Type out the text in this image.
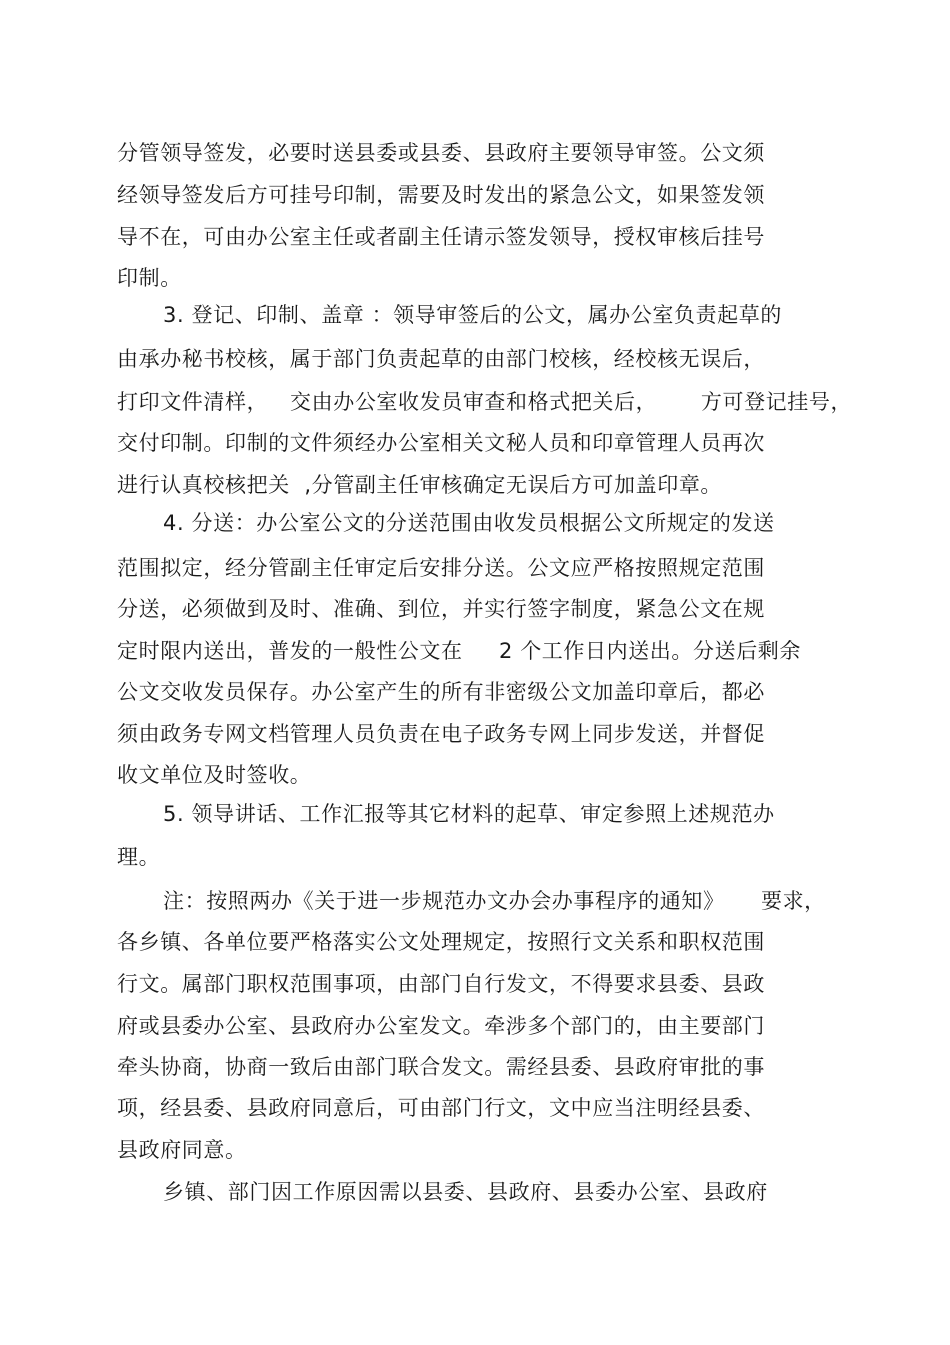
分管领导签发，必要时送县委或县委、县政府主要领导审签。公文须
经领导签发后方可挂号印制，需要及时发出的紧急公文，如果签发领
导不在，可由办公室主任或者副主任请示签发领导，授权审核后挂号
印制。
3. 登记、印制、盖章 ：领导审签后的公文，属办公室负责起草的
由承办秘书校核，属于部门负责起草的由部门校核，经校核无误后，
打印文件清样，   交由办公室收发员审查和格式把关后，      方可登记挂号，
交付印制。印制的文件须经办公室相关文秘人员和印章管理人员再次
进行认真校核把关  ,分管副主任审核确定无误后方可加盖印章。
4. 分送：办公室公文的分送范围由收发员根据公文所规定的发送
范围拟定，经分管副主任审定后安排分送。公文应严格按照规定范围
分送，必须做到及时、准确、到位，并实行签字制度，紧急公文在规
定时限内送出，普发的一般性公文在     2 个工作日内送出。分送后剩余
公文交收发员保存。办公室产生的所有非密级公文加盖印章后，都必
须由政务专网文档管理人员负责在电子政务专网上同步发送，并督促
收文单位及时签收。
5. 领导讲话、工作汇报等其它材料的起草、审定参照上述规范办
理。
注：按照两办《关于进一步规范办文办会办事程序的通知》     要求，
各乡镇、各单位要严格落实公文处理规定，按照行文关系和职权范围
行文。属部门职权范围事项，由部门自行发文，不得要求县委、县政
府或县委办公室、县政府办公室发文。牵涉多个部门的，由主要部门
牵头协商，协商一致后由部门联合发文。需经县委、县政府审批的事
项，经县委、县政府同意后，可由部门行文，文中应当注明经县委、
县政府同意。
乡镇、部门因工作原因需以县委、县政府、县委办公室、县政府
